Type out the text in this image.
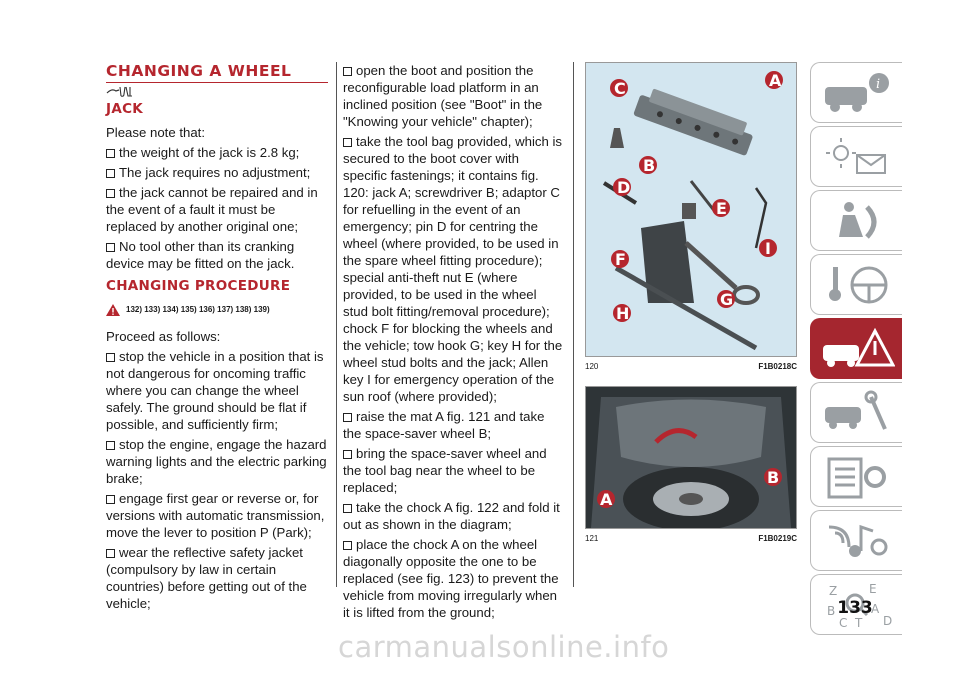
CHANGING A WHEEL
JACK

Please note that:

the weight of the jack is 2.8 kg;

The jack requires no adjustment;

the jack cannot be repaired and in the event of a fault it must be replaced by another original one;

No tool other than its cranking device may be fitted on the jack.

CHANGING PROCEDURE
132) 133) 134) 135) 136) 137) 138) 139)

Proceed as follows:

stop the vehicle in a position that is not dangerous for oncoming traffic where you can change the wheel safely. The ground should be flat if possible, and sufficiently firm;

stop the engine, engage the hazard warning lights and the electric parking brake;

engage first gear or reverse or, for versions with automatic transmission, move the lever to position P (Park);

wear the reflective safety jacket (compulsory by law in certain countries) before getting out of the vehicle;

open the boot and position the reconfigurable load platform in an inclined position (see "Boot" in the "Knowing your vehicle" chapter);

take the tool bag provided, which is secured to the boot cover with specific fastenings; it contains fig. 120: jack A; screwdriver B; adaptor C for refuelling in the event of an emergency; pin D for centring the wheel (where provided, to be used in the spare wheel fitting procedure); special anti-theft nut E (where provided, to be used in the wheel stud bolt fitting/removal procedure); chock F for blocking the wheels and the vehicle; tow hook G; key H for the wheel stud bolts and the jack; Allen key I for emergency operation of the sun roof (where provided);

raise the mat A fig. 121 and take the space-saver wheel B;

bring the space-saver wheel and the tool bag near the wheel to be replaced;

take the chock A fig. 122 and fold it out as shown in the diagram;

place the chock A on the wheel diagonally opposite the one to be replaced (see fig. 123) to prevent the vehicle from moving irregularly when it is lifted from the ground;

C	A
B
D
E
F
I
G
H
120	F1B0218C
A
B
121	F1B0219C
i
Z	E
B	A
C	D
T
133
carmanualsonline.info
